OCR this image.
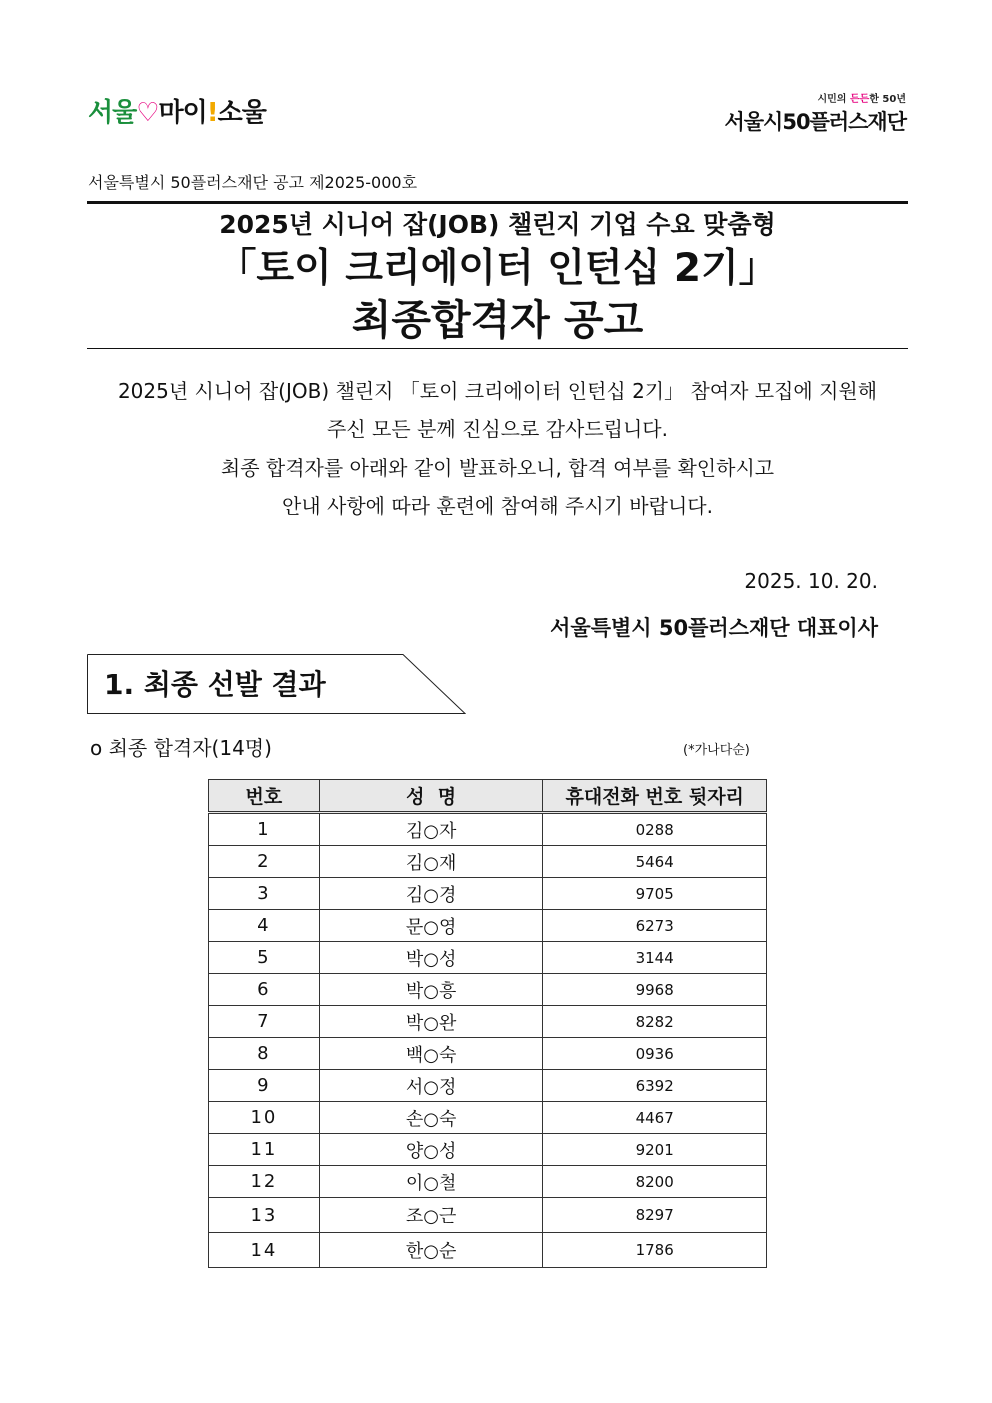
서울♡마이!소울	시민의 든든한 50년
서울시50플러스재단
서울특별시 50플러스재단 공고 제2025-000호
2025년 시니어 잡(JOB) 챌린지 기업 수요 맞춤형
「토이 크리에이터 인턴십 2기」
최종합격자 공고
2025년 시니어 잡(JOB) 챌린지 「토이 크리에이터 인턴십 2기」 참여자 모집에 지원해
주신 모든 분께 진심으로 감사드립니다.
최종 합격자를 아래와 같이 발표하오니, 합격 여부를 확인하시고
안내 사항에 따라 훈련에 참여해 주시기 바랍니다.
2025. 10. 20.
서울특별시 50플러스재단 대표이사
1. 최종 선발 결과
o 최종 합격자(14명)	(*가나다순)
번호	성  명	휴대전화 번호 뒷자리
1	김○자	0288
2	김○재	5464
3	김○경	9705
4	문○영	6273
5	박○성	3144
6	박○흥	9968
7	박○완	8282
8	백○숙	0936
9	서○정	6392
10	손○숙	4467
11	양○성	9201
12	이○철	8200
13	조○근	8297
14	한○순	1786
